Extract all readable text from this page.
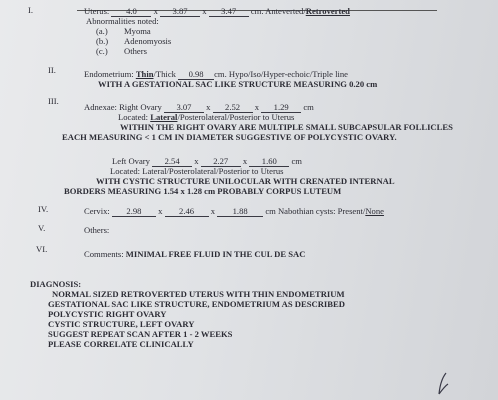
I.	Uterus: 4.0 x 3.87 x 3.47 cm. Anteverted/Retroverted
Abnormalities noted:
(a.) Myoma
(b.) Adenomyosis
(c.) Others
II.	Endometrium: Thin/Thick 0.98 cm. Hypo/Iso/Hyper-echoic/Triple line
WITH A GESTATIONAL SAC LIKE STRUCTURE MEASURING 0.20 cm
III.
Adnexae: Right Ovary 3.07 x 2.52 x 1.29 cm
Located: Lateral/Posterolateral/Posterior to Uterus
WITHIN THE RIGHT OVARY ARE MULTIPLE SMALL SUBCAPSULAR FOLLICLES
EACH MEASURING < 1 CM IN DIAMETER SUGGESTIVE OF POLYCYSTIC OVARY.
Left Ovary 2.54 x 2.27 x 1.60 cm
Located: Lateral/Posterolateral/Posterior to Uterus
WITH CYSTIC STRUCTURE UNILOCULAR WITH CRENATED INTERNAL
BORDERS MEASURING 1.54 x 1.28 cm PROBABLY CORPUS LUTEUM
IV.	Cervix: 2.98 x 2.46 x 1.88 cm Nabothian cysts: Present/None
V.	Others:
VI.	Comments: MINIMAL FREE FLUID IN THE CUL DE SAC
DIAGNOSIS:
NORMAL SIZED RETROVERTED UTERUS WITH THIN ENDOMETRIUM
GESTATIONAL SAC LIKE STRUCTURE, ENDOMETRIUM AS DESCRIBED
POLYCYSTIC RIGHT OVARY
CYSTIC STRUCTURE, LEFT OVARY
SUGGEST REPEAT SCAN AFTER 1 - 2 WEEKS
PLEASE CORRELATE CLINICALLY
